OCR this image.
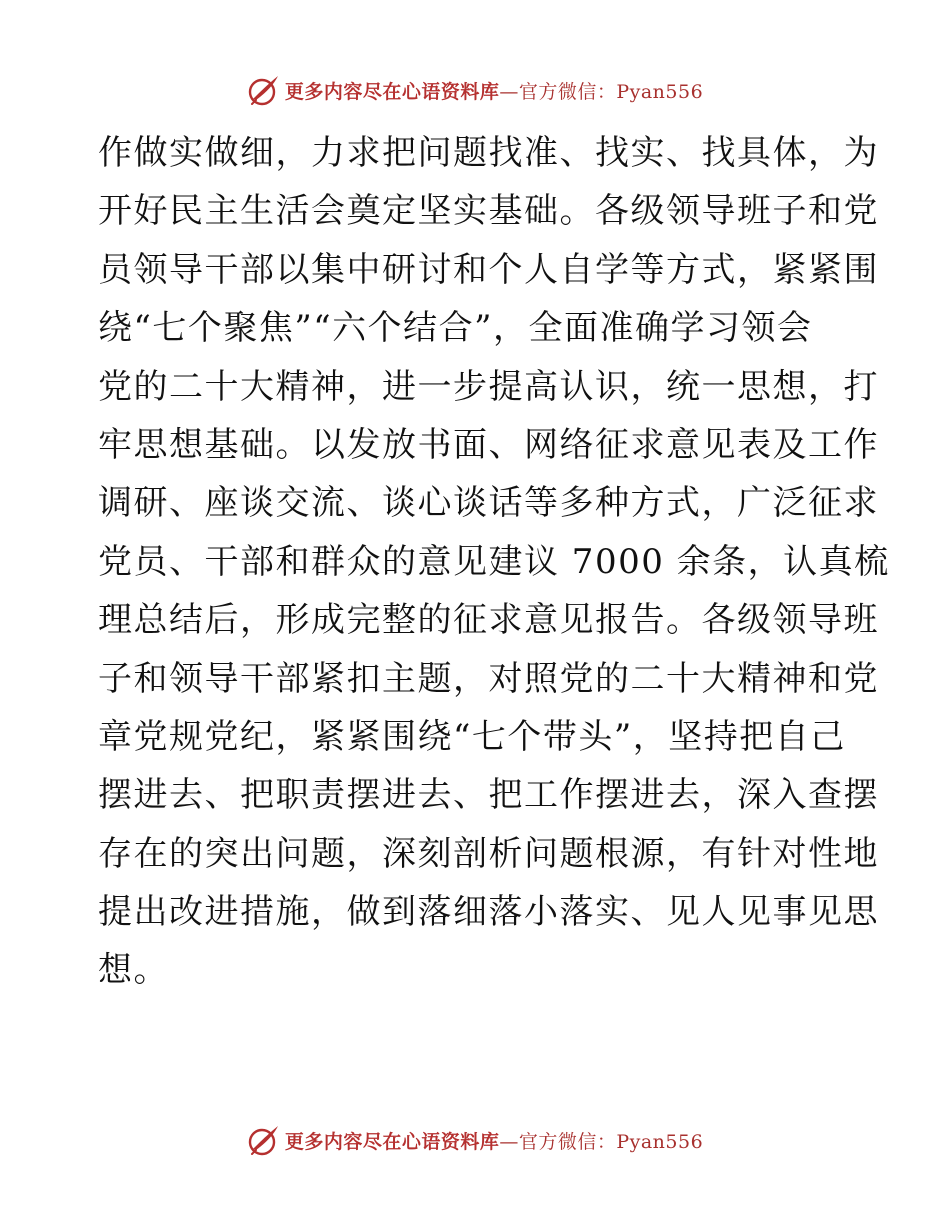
更多内容尽在心语资料库—官方微信：Pyan556
作做实做细，力求把问题找准、找实、找具体，为
开好民主生活会奠定坚实基础。各级领导班子和党
员领导干部以集中研讨和个人自学等方式，紧紧围
绕“七个聚焦”“六个结合”，全面准确学习领会
党的二十大精神，进一步提高认识，统一思想，打
牢思想基础。以发放书面、网络征求意见表及工作
调研、座谈交流、谈心谈话等多种方式，广泛征求
党员、干部和群众的意见建议 7000 余条，认真梳
理总结后，形成完整的征求意见报告。各级领导班
子和领导干部紧扣主题，对照党的二十大精神和党
章党规党纪，紧紧围绕“七个带头”，坚持把自己
摆进去、把职责摆进去、把工作摆进去，深入查摆
存在的突出问题，深刻剖析问题根源，有针对性地
提出改进措施，做到落细落小落实、见人见事见思
想。
更多内容尽在心语资料库—官方微信：Pyan556
